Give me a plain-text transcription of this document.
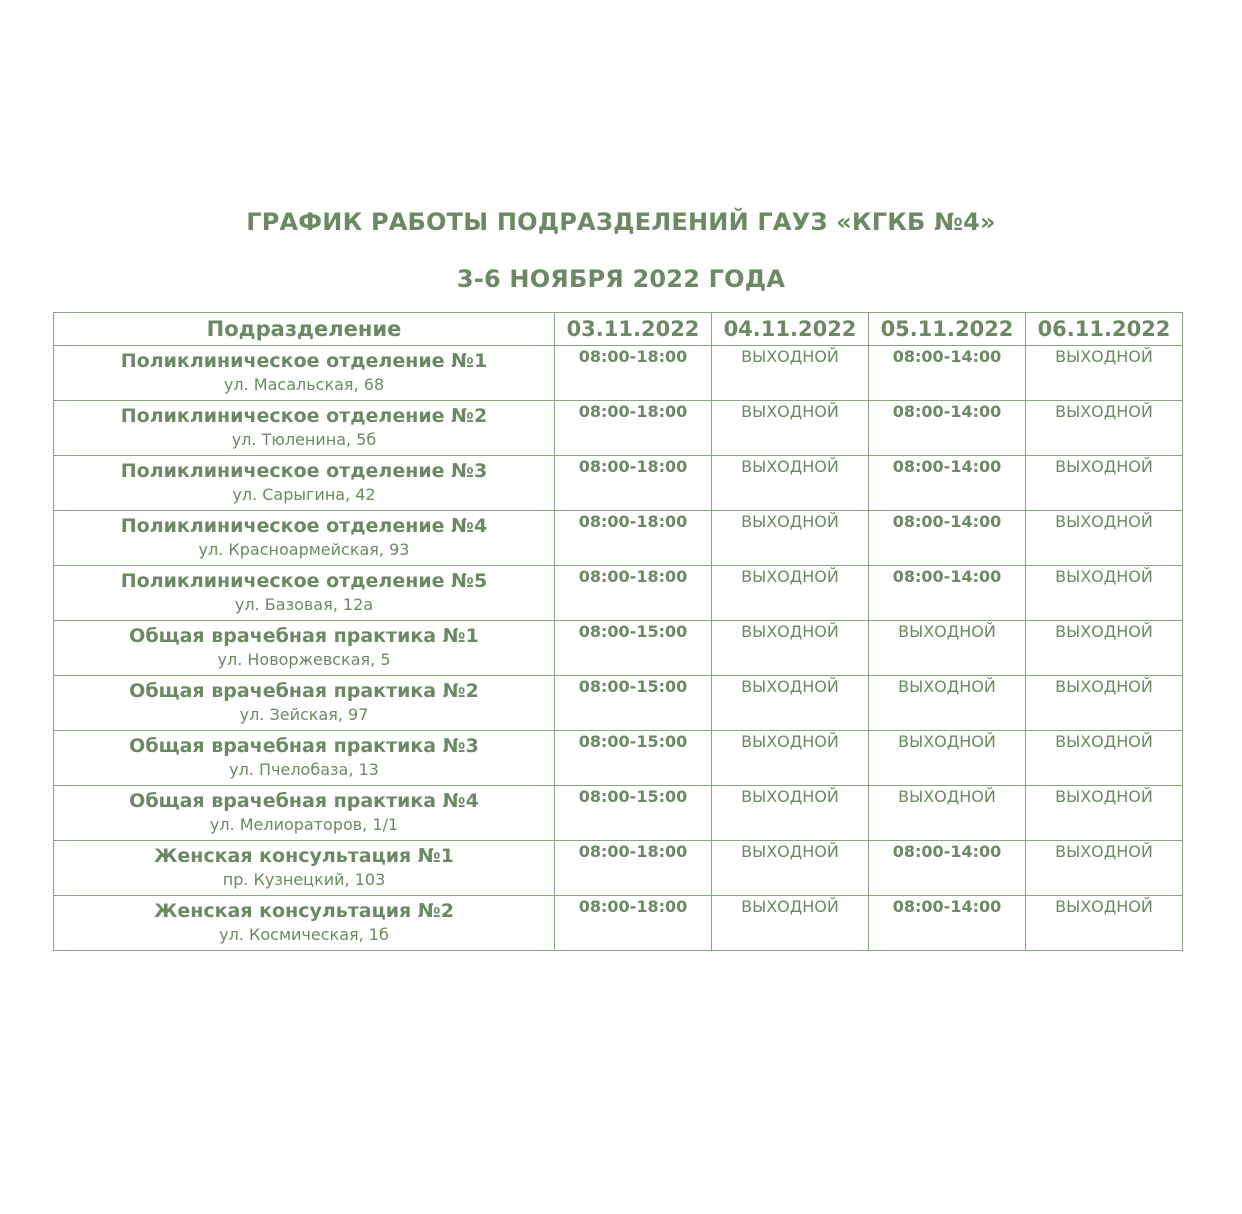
ГРАФИК РАБОТЫ ПОДРАЗДЕЛЕНИЙ ГАУЗ «КГКБ №4»
3-6 НОЯБРЯ 2022 ГОДА
Подразделение	03.11.2022	04.11.2022	05.11.2022	06.11.2022

Поликлиническое отделение №1
ул. Масальская, 68	08:00-18:00	ВЫХОДНОЙ	08:00-14:00	ВЫХОДНОЙ

Поликлиническое отделение №2
ул. Тюленина, 5б	08:00-18:00	ВЫХОДНОЙ	08:00-14:00	ВЫХОДНОЙ

Поликлиническое отделение №3
ул. Сарыгина, 42	08:00-18:00	ВЫХОДНОЙ	08:00-14:00	ВЫХОДНОЙ

Поликлиническое отделение №4
ул. Красноармейская, 93	08:00-18:00	ВЫХОДНОЙ	08:00-14:00	ВЫХОДНОЙ

Поликлиническое отделение №5
ул. Базовая, 12а	08:00-18:00	ВЫХОДНОЙ	08:00-14:00	ВЫХОДНОЙ

Общая врачебная практика №1
ул. Новоржевская, 5	08:00-15:00	ВЫХОДНОЙ	ВЫХОДНОЙ	ВЫХОДНОЙ

Общая врачебная практика №2
ул. Зейская, 97	08:00-15:00	ВЫХОДНОЙ	ВЫХОДНОЙ	ВЫХОДНОЙ

Общая врачебная практика №3
ул. Пчелобаза, 13	08:00-15:00	ВЫХОДНОЙ	ВЫХОДНОЙ	ВЫХОДНОЙ

Общая врачебная практика №4
ул. Мелиораторов, 1/1	08:00-15:00	ВЫХОДНОЙ	ВЫХОДНОЙ	ВЫХОДНОЙ

Женская консультация №1
пр. Кузнецкий, 103	08:00-18:00	ВЫХОДНОЙ	08:00-14:00	ВЫХОДНОЙ

Женская консультация №2
ул. Космическая, 1б	08:00-18:00	ВЫХОДНОЙ	08:00-14:00	ВЫХОДНОЙ
